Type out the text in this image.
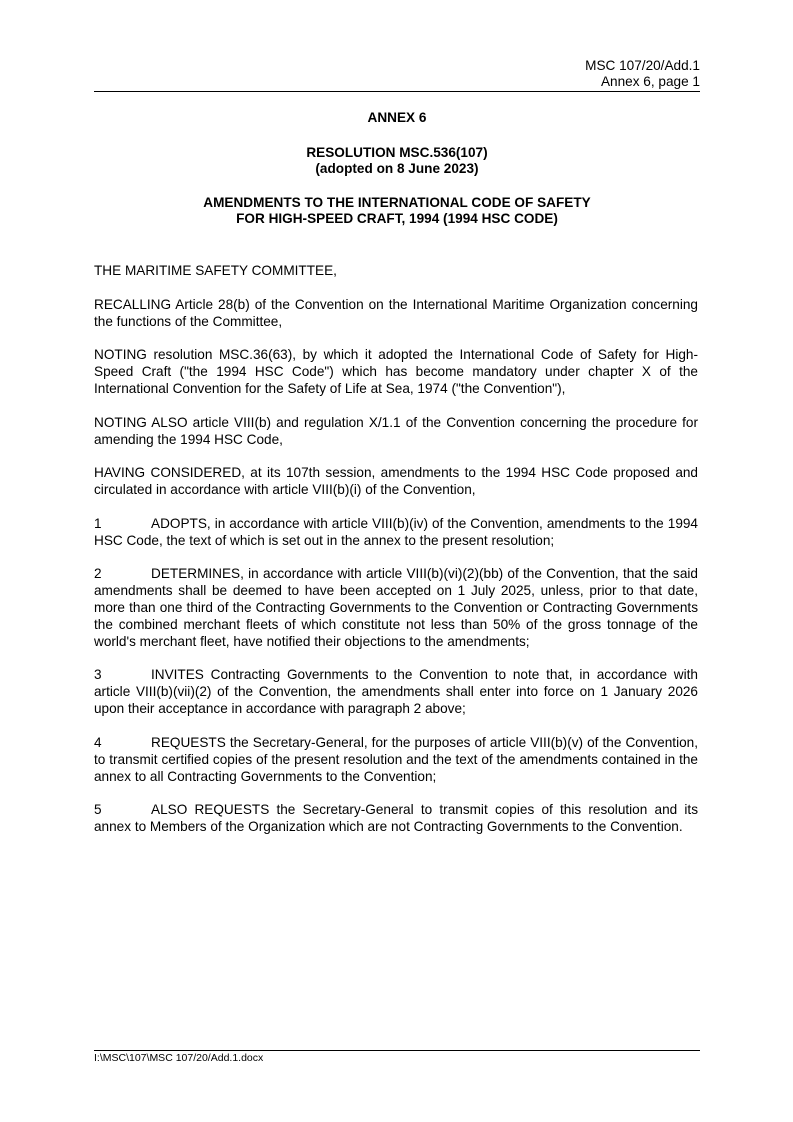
MSC 107/20/Add.1
Annex 6, page 1
ANNEX 6
RESOLUTION MSC.536(107)
(adopted on 8 June 2023)
AMENDMENTS TO THE INTERNATIONAL CODE OF SAFETY
FOR HIGH-SPEED CRAFT, 1994 (1994 HSC CODE)
THE MARITIME SAFETY COMMITTEE,
RECALLING Article 28(b) of the Convention on the International Maritime Organization concerning the functions of the Committee,
NOTING resolution MSC.36(63), by which it adopted the International Code of Safety for High-Speed Craft ("the 1994 HSC Code") which has become mandatory under chapter X of the International Convention for the Safety of Life at Sea, 1974 ("the Convention"),
NOTING ALSO article VIII(b) and regulation X/1.1 of the Convention concerning the procedure for amending the 1994 HSC Code,
HAVING CONSIDERED, at its 107th session, amendments to the 1994 HSC Code proposed and circulated in accordance with article VIII(b)(i) of the Convention,
1	ADOPTS, in accordance with article VIII(b)(iv) of the Convention, amendments to the 1994 HSC Code, the text of which is set out in the annex to the present resolution;
2	DETERMINES, in accordance with article VIII(b)(vi)(2)(bb) of the Convention, that the said amendments shall be deemed to have been accepted on 1 July 2025, unless, prior to that date, more than one third of the Contracting Governments to the Convention or Contracting Governments the combined merchant fleets of which constitute not less than 50% of the gross tonnage of the world's merchant fleet, have notified their objections to the amendments;
3	INVITES Contracting Governments to the Convention to note that, in accordance with article VIII(b)(vii)(2) of the Convention, the amendments shall enter into force on 1 January 2026 upon their acceptance in accordance with paragraph 2 above;
4	REQUESTS the Secretary-General, for the purposes of article VIII(b)(v) of the Convention, to transmit certified copies of the present resolution and the text of the amendments contained in the annex to all Contracting Governments to the Convention;
5	ALSO REQUESTS the Secretary-General to transmit copies of this resolution and its annex to Members of the Organization which are not Contracting Governments to the Convention.
I:\MSC\107\MSC 107/20/Add.1.docx
